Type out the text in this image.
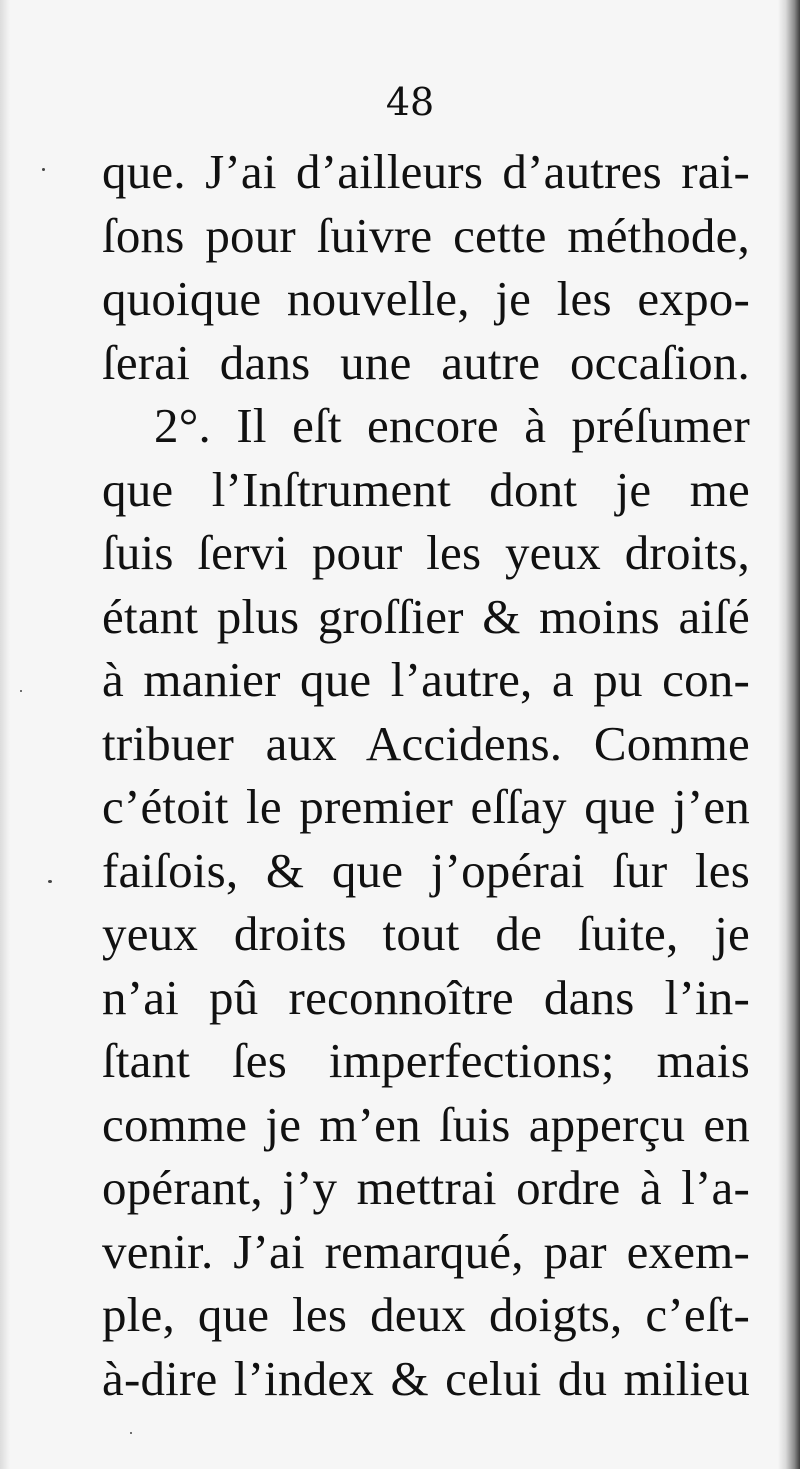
48
que. J’ai d’ailleurs d’autres rai-
ſons pour ſuivre cette méthode,
quoique nouvelle, je les expo-
ſerai dans une autre occaſion.
2°. Il eſt encore à préſumer
que l’Inſtrument dont je me
ſuis ſervi pour les yeux droits,
étant plus groſſier & moins aiſé
à manier que l’autre, a pu con-
tribuer aux Accidens. Comme
c’étoit le premier eſſay que j’en
faiſois, & que j’opérai ſur les
yeux droits tout de ſuite, je
n’ai pû reconnoître dans l’in-
ſtant ſes imperfections; mais
comme je m’en ſuis apperçu en
opérant, j’y mettrai ordre à l’a-
venir. J’ai remarqué, par exem-
ple, que les deux doigts, c’eſt-
à-dire l’index & celui du milieu
